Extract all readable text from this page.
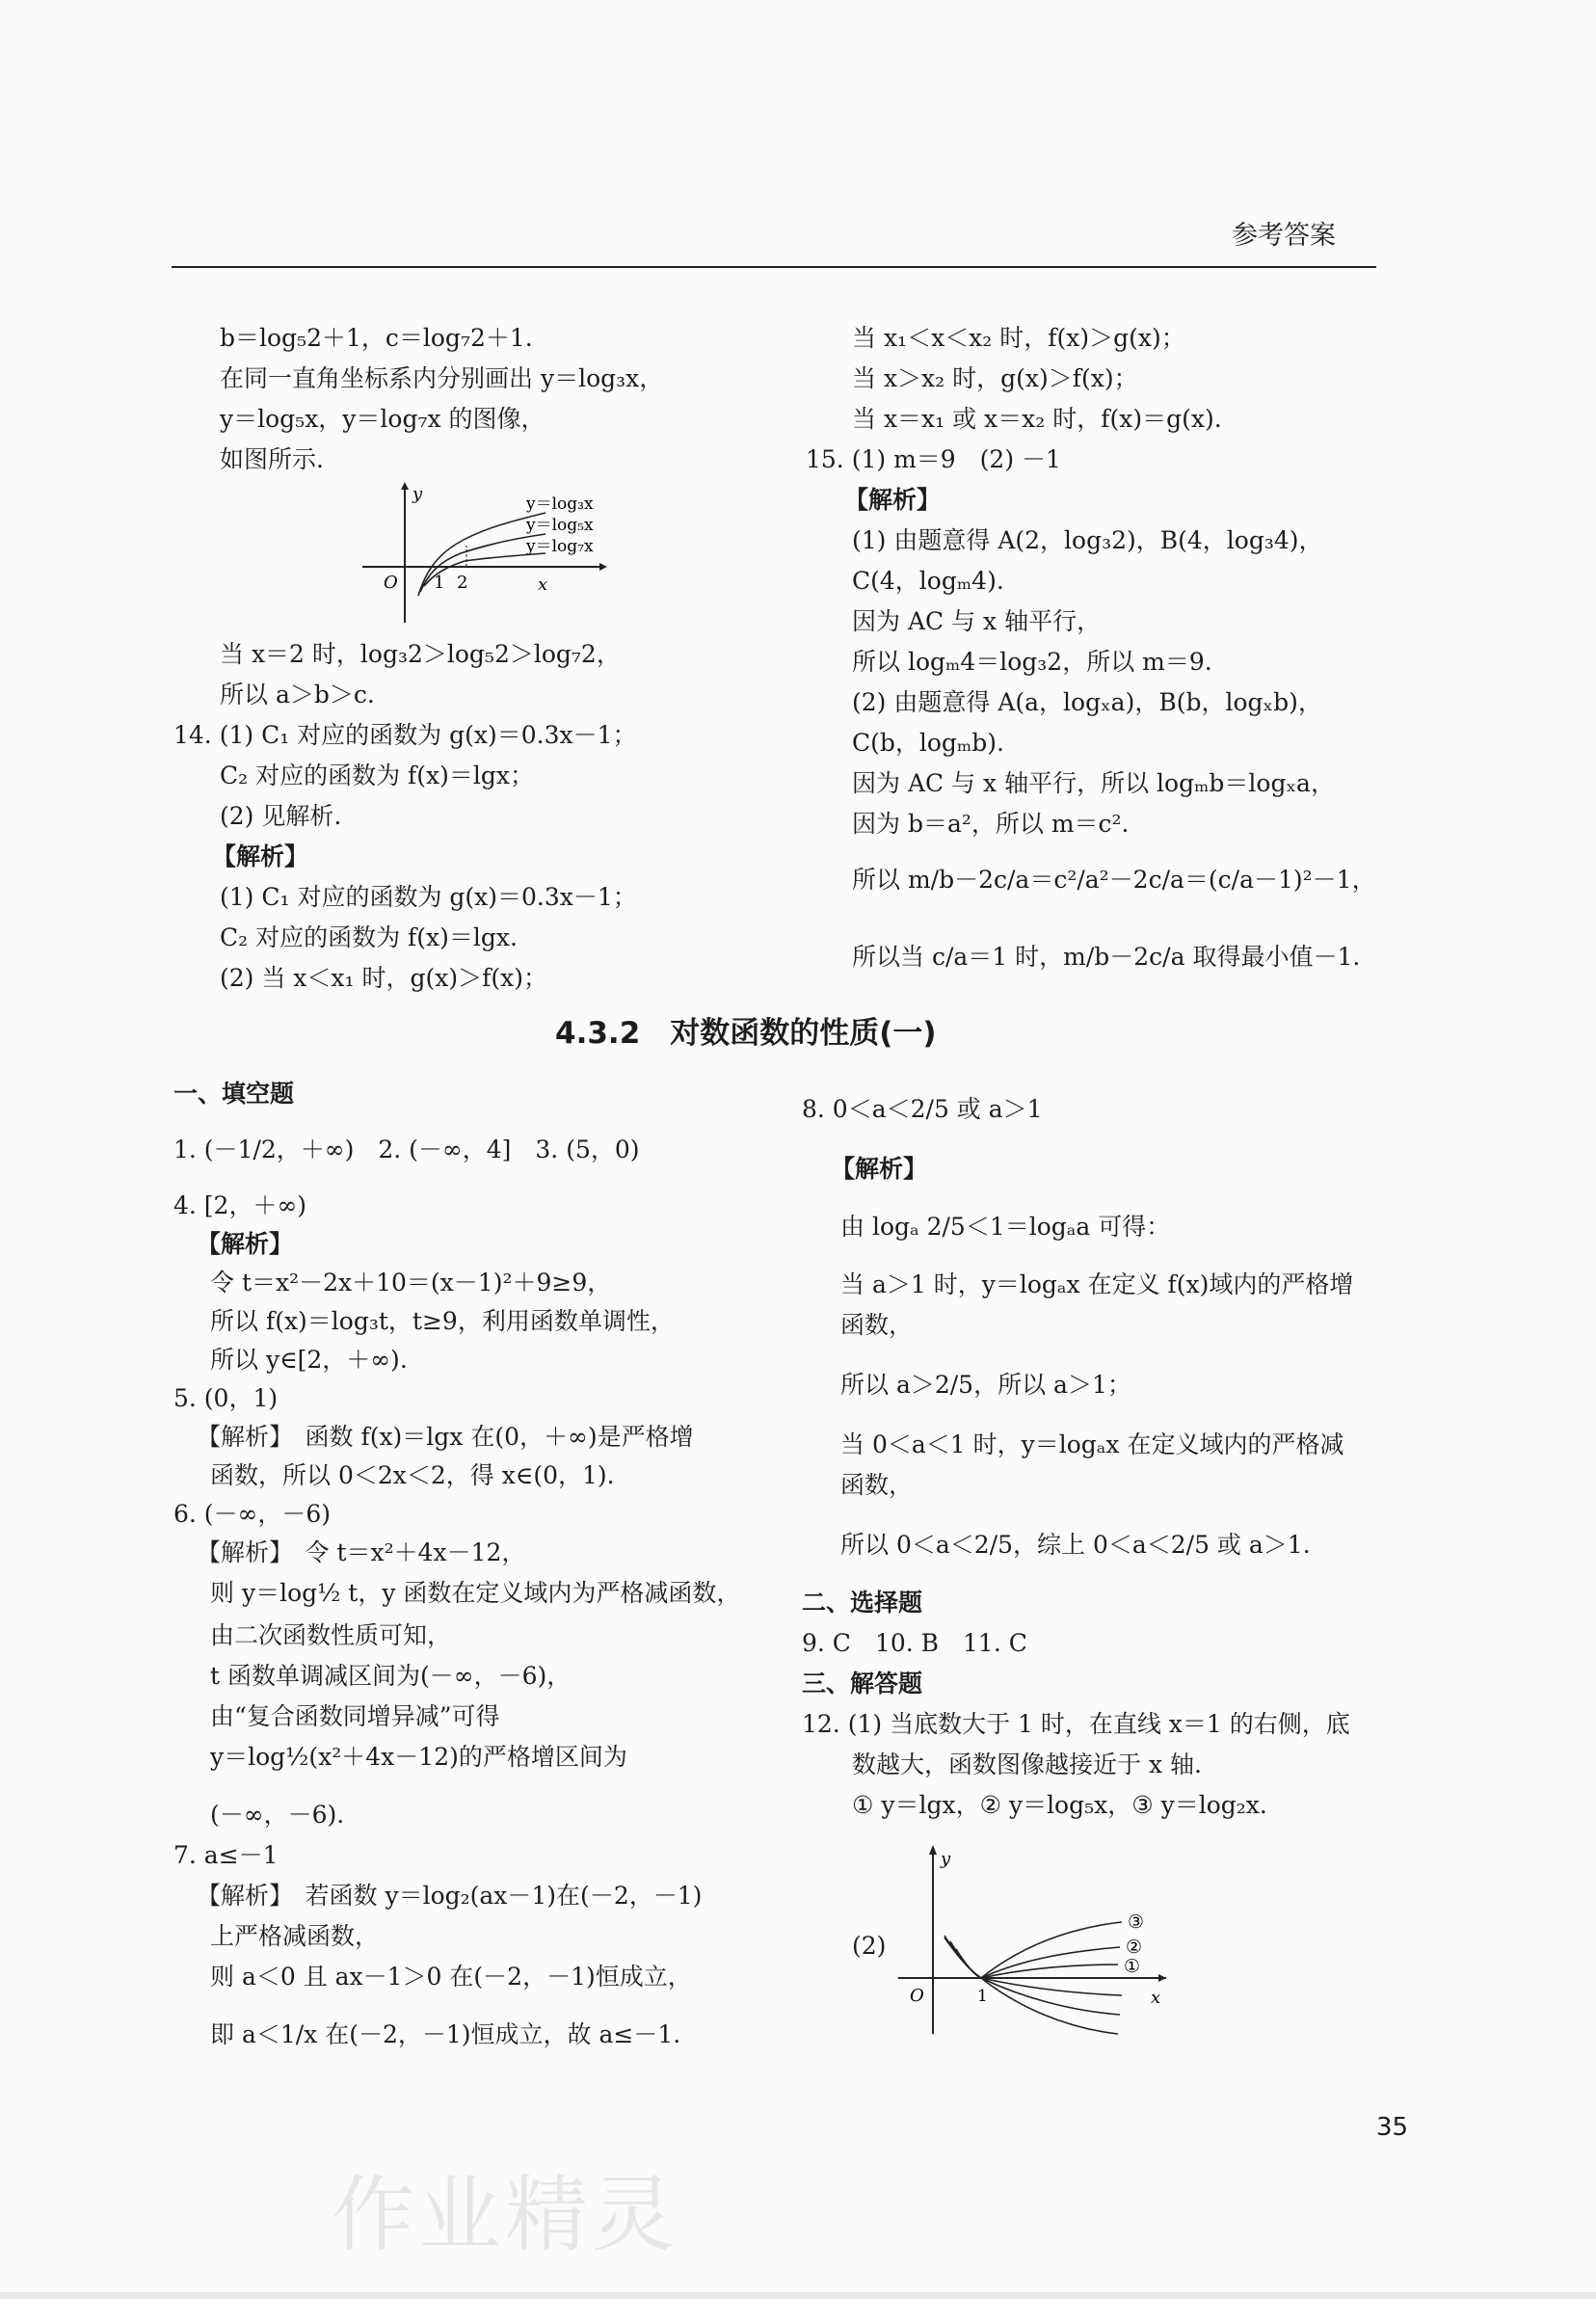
参考答案
b＝log₅2＋1，c＝log₇2＋1.
在同一直角坐标系内分别画出 y＝log₃x，
y＝log₅x，y＝log₇x 的图像，
如图所示.
y
x
O 1 2
y＝log₃x
y＝log₅x
y＝log₇x
当 x＝2 时，log₃2＞log₅2＞log₇2，
所以 a＞b＞c.
14. (1) C₁ 对应的函数为 g(x)＝0.3x－1；
C₂ 对应的函数为 f(x)＝lgx；
(2) 见解析.
【解析】
(1) C₁ 对应的函数为 g(x)＝0.3x－1；
C₂ 对应的函数为 f(x)＝lgx.
(2) 当 x＜x₁ 时，g(x)＞f(x)；
当 x₁＜x＜x₂ 时，f(x)＞g(x)；
当 x＞x₂ 时，g(x)＞f(x)；
当 x＝x₁ 或 x＝x₂ 时，f(x)＝g(x).
15. (1) m＝9　(2) －1
【解析】
(1) 由题意得 A(2，log₃2)，B(4，log₃4)，
C(4，logₘ4).
因为 AC 与 x 轴平行，
所以 logₘ4＝log₃2，所以 m＝9.
(2) 由题意得 A(a，logₓa)，B(b，logₓb)，
C(b，logₘb).
因为 AC 与 x 轴平行，所以 logₘb＝logₓa，
因为 b＝a²，所以 m＝c².
所以 m/b－2c/a＝c²/a²－2c/a＝(c/a－1)²－1，
所以当 c/a＝1 时，m/b－2c/a 取得最小值－1.
4.3.2　对数函数的性质(一)
一、填空题
1. (－1/2，＋∞)　2. (－∞，4]　3. (5，0)
4. [2，＋∞)
【解析】
令 t＝x²－2x＋10＝(x－1)²＋9≥9，
所以 f(x)＝log₃t，t≥9，利用函数单调性，
所以 y∈[2，＋∞).
5. (0，1)
【解析】　函数 f(x)＝lgx 在(0，＋∞)是严格增
函数，所以 0＜2x＜2，得 x∈(0，1).
6. (－∞，－6)
【解析】　令 t＝x²＋4x－12，
则 y＝log½ t，y 函数在定义域内为严格减函数，
由二次函数性质可知，
t 函数单调减区间为(－∞，－6)，
由“复合函数同增异减”可得
y＝log½(x²＋4x－12)的严格增区间为
(－∞，－6).
7. a≤－1
【解析】　若函数 y＝log₂(ax－1)在(－2，－1)
上严格减函数，
则 a＜0 且 ax－1＞0 在(－2，－1)恒成立，
即 a＜1/x 在(－2，－1)恒成立，故 a≤－1.
8. 0＜a＜2/5 或 a＞1
【解析】
由 logₐ 2/5＜1＝logₐa 可得：
当 a＞1 时，y＝logₐx 在定义 f(x)域内的严格增
函数，
所以 a＞2/5，所以 a＞1；
当 0＜a＜1 时，y＝logₐx 在定义域内的严格减
函数，
所以 0＜a＜2/5，综上 0＜a＜2/5 或 a＞1.
二、选择题
9. C　10. B　11. C
三、解答题
12. (1) 当底数大于 1 时，在直线 x＝1 的右侧，底
数越大，函数图像越接近于 x 轴.
① y＝lgx，② y＝log₅x，③ y＝log₂x.
(2)
y
x
O	1
③
②
①
35
作业精灵
